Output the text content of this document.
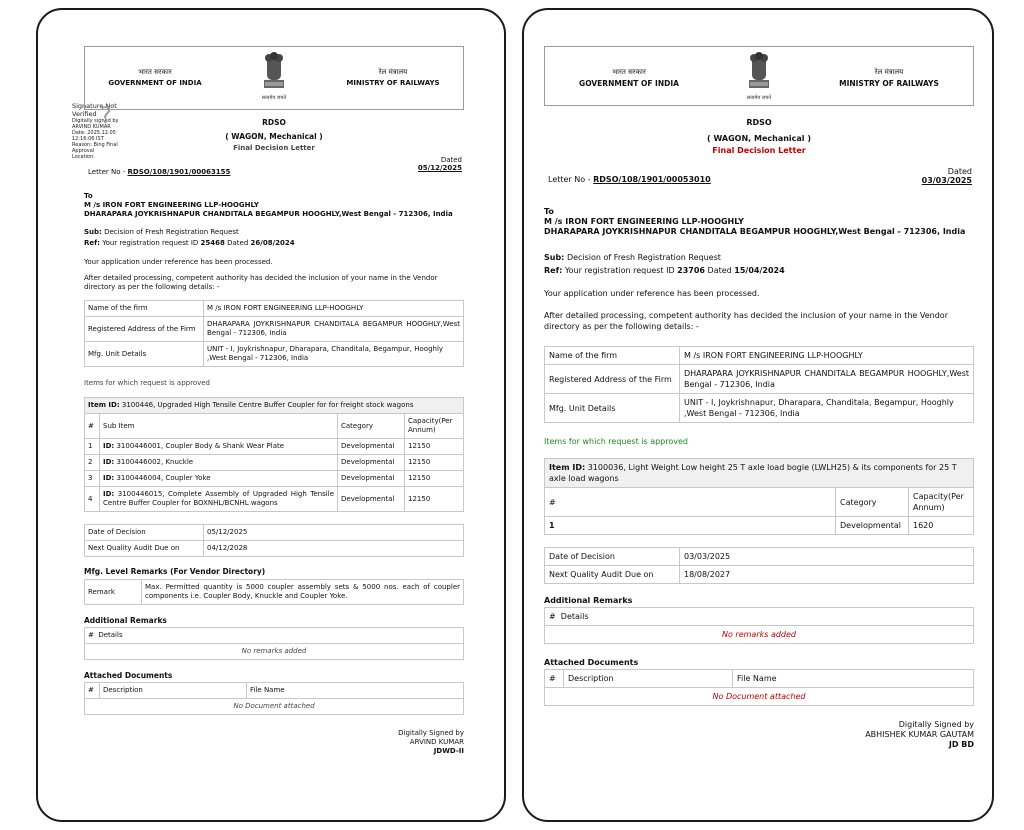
Signature Not Verified
Digitally signed by
ARVIND KUMAR
Date: 2025.12.05
12:16:06 IST
Reason: Bing Final
Approval
Location:
?
भारत सरकार
GOVERNMENT OF INDIA
सत्यमेव जयते
रेल मंत्रालय
MINISTRY OF RAILWAYS
RDSO
( WAGON, Mechanical )
Final Decision Letter
Letter No - RDSO/108/1901/00063155
Dated
05/12/2025
To
M /s IRON FORT ENGINEERING LLP-HOOGHLY
DHARAPARA JOYKRISHNAPUR CHANDITALA BEGAMPUR HOOGHLY,West Bengal - 712306, India
Sub: Decision of Fresh Registration Request
Ref: Your registration request ID 25468 Dated 26/08/2024

Your application under reference has been processed.

After detailed processing, competent authority has decided the inclusion of your name in the Vendor directory as per the following details: -

Name of the firm	M /s IRON FORT ENGINEERING LLP-HOOGHLY
Registered Address of the Firm	DHARAPARA JOYKRISHNAPUR CHANDITALA BEGAMPUR HOOGHLY,West Bengal - 712306, India
Mfg. Unit Details	UNIT - I, Joykrishnapur, Dharapara, Chanditala, Begampur, Hooghly ,West Bengal - 712306, India

Items for which request is approved

Item ID: 3100446, Upgraded High Tensile Centre Buffer Coupler for for freight stock wagons			
#	Sub Item	Category	Capacity(Per Annum)
1	ID: 3100446001, Coupler Body & Shank Wear Plate	Developmental	12150
2	ID: 3100446002, Knuckle	Developmental	12150
3	ID: 3100446004, Coupler Yoke	Developmental	12150
4	ID: 3100446015, Complete Assembly of Upgraded High Tensile Centre Buffer Coupler for BOXNHL/BCNHL wagons	Developmental	12150
Date of Decision	05/12/2025
Next Quality Audit Due on	04/12/2028
Mfg. Level Remarks (For Vendor Directory)
Remark	Max. Permitted quantity is 5000 coupler assembly sets & 5000 nos. each of coupler components i.e. Coupler Body, Knuckle and Coupler Yoke.
Additional Remarks
# Details
No remarks added
Attached Documents
#	Description	File Name
No Document attached
Digitally Signed by
ARVIND KUMAR
JDWD-II
भारत सरकार
GOVERNMENT OF INDIA
सत्यमेव जयते
रेल मंत्रालय
MINISTRY OF RAILWAYS
RDSO
( WAGON, Mechanical )
Final Decision Letter
Letter No - RDSO/108/1901/00053010
Dated
03/03/2025
To
M /s IRON FORT ENGINEERING LLP-HOOGHLY
DHARAPARA JOYKRISHNAPUR CHANDITALA BEGAMPUR HOOGHLY,West Bengal - 712306, India
Sub: Decision of Fresh Registration Request
Ref: Your registration request ID 23706 Dated 15/04/2024

Your application under reference has been processed.

After detailed processing, competent authority has decided the inclusion of your name in the Vendor directory as per the following details: -

Name of the firm	M /s IRON FORT ENGINEERING LLP-HOOGHLY
Registered Address of the Firm	DHARAPARA JOYKRISHNAPUR CHANDITALA BEGAMPUR HOOGHLY,West Bengal - 712306, India
Mfg. Unit Details	UNIT - I, Joykrishnapur, Dharapara, Chanditala, Begampur, Hooghly ,West Bengal - 712306, India

Items for which request is approved

Item ID: 3100036, Light Weight Low height 25 T axle load bogie (LWLH25) & its components for 25 T axle load wagons		
#	Category	Capacity(Per Annum)
1	Developmental	1620
Date of Decision	03/03/2025
Next Quality Audit Due on	18/08/2027
Additional Remarks
# Details
No remarks added
Attached Documents
#	Description	File Name
No Document attached
Digitally Signed by
ABHISHEK KUMAR GAUTAM
JD BD
